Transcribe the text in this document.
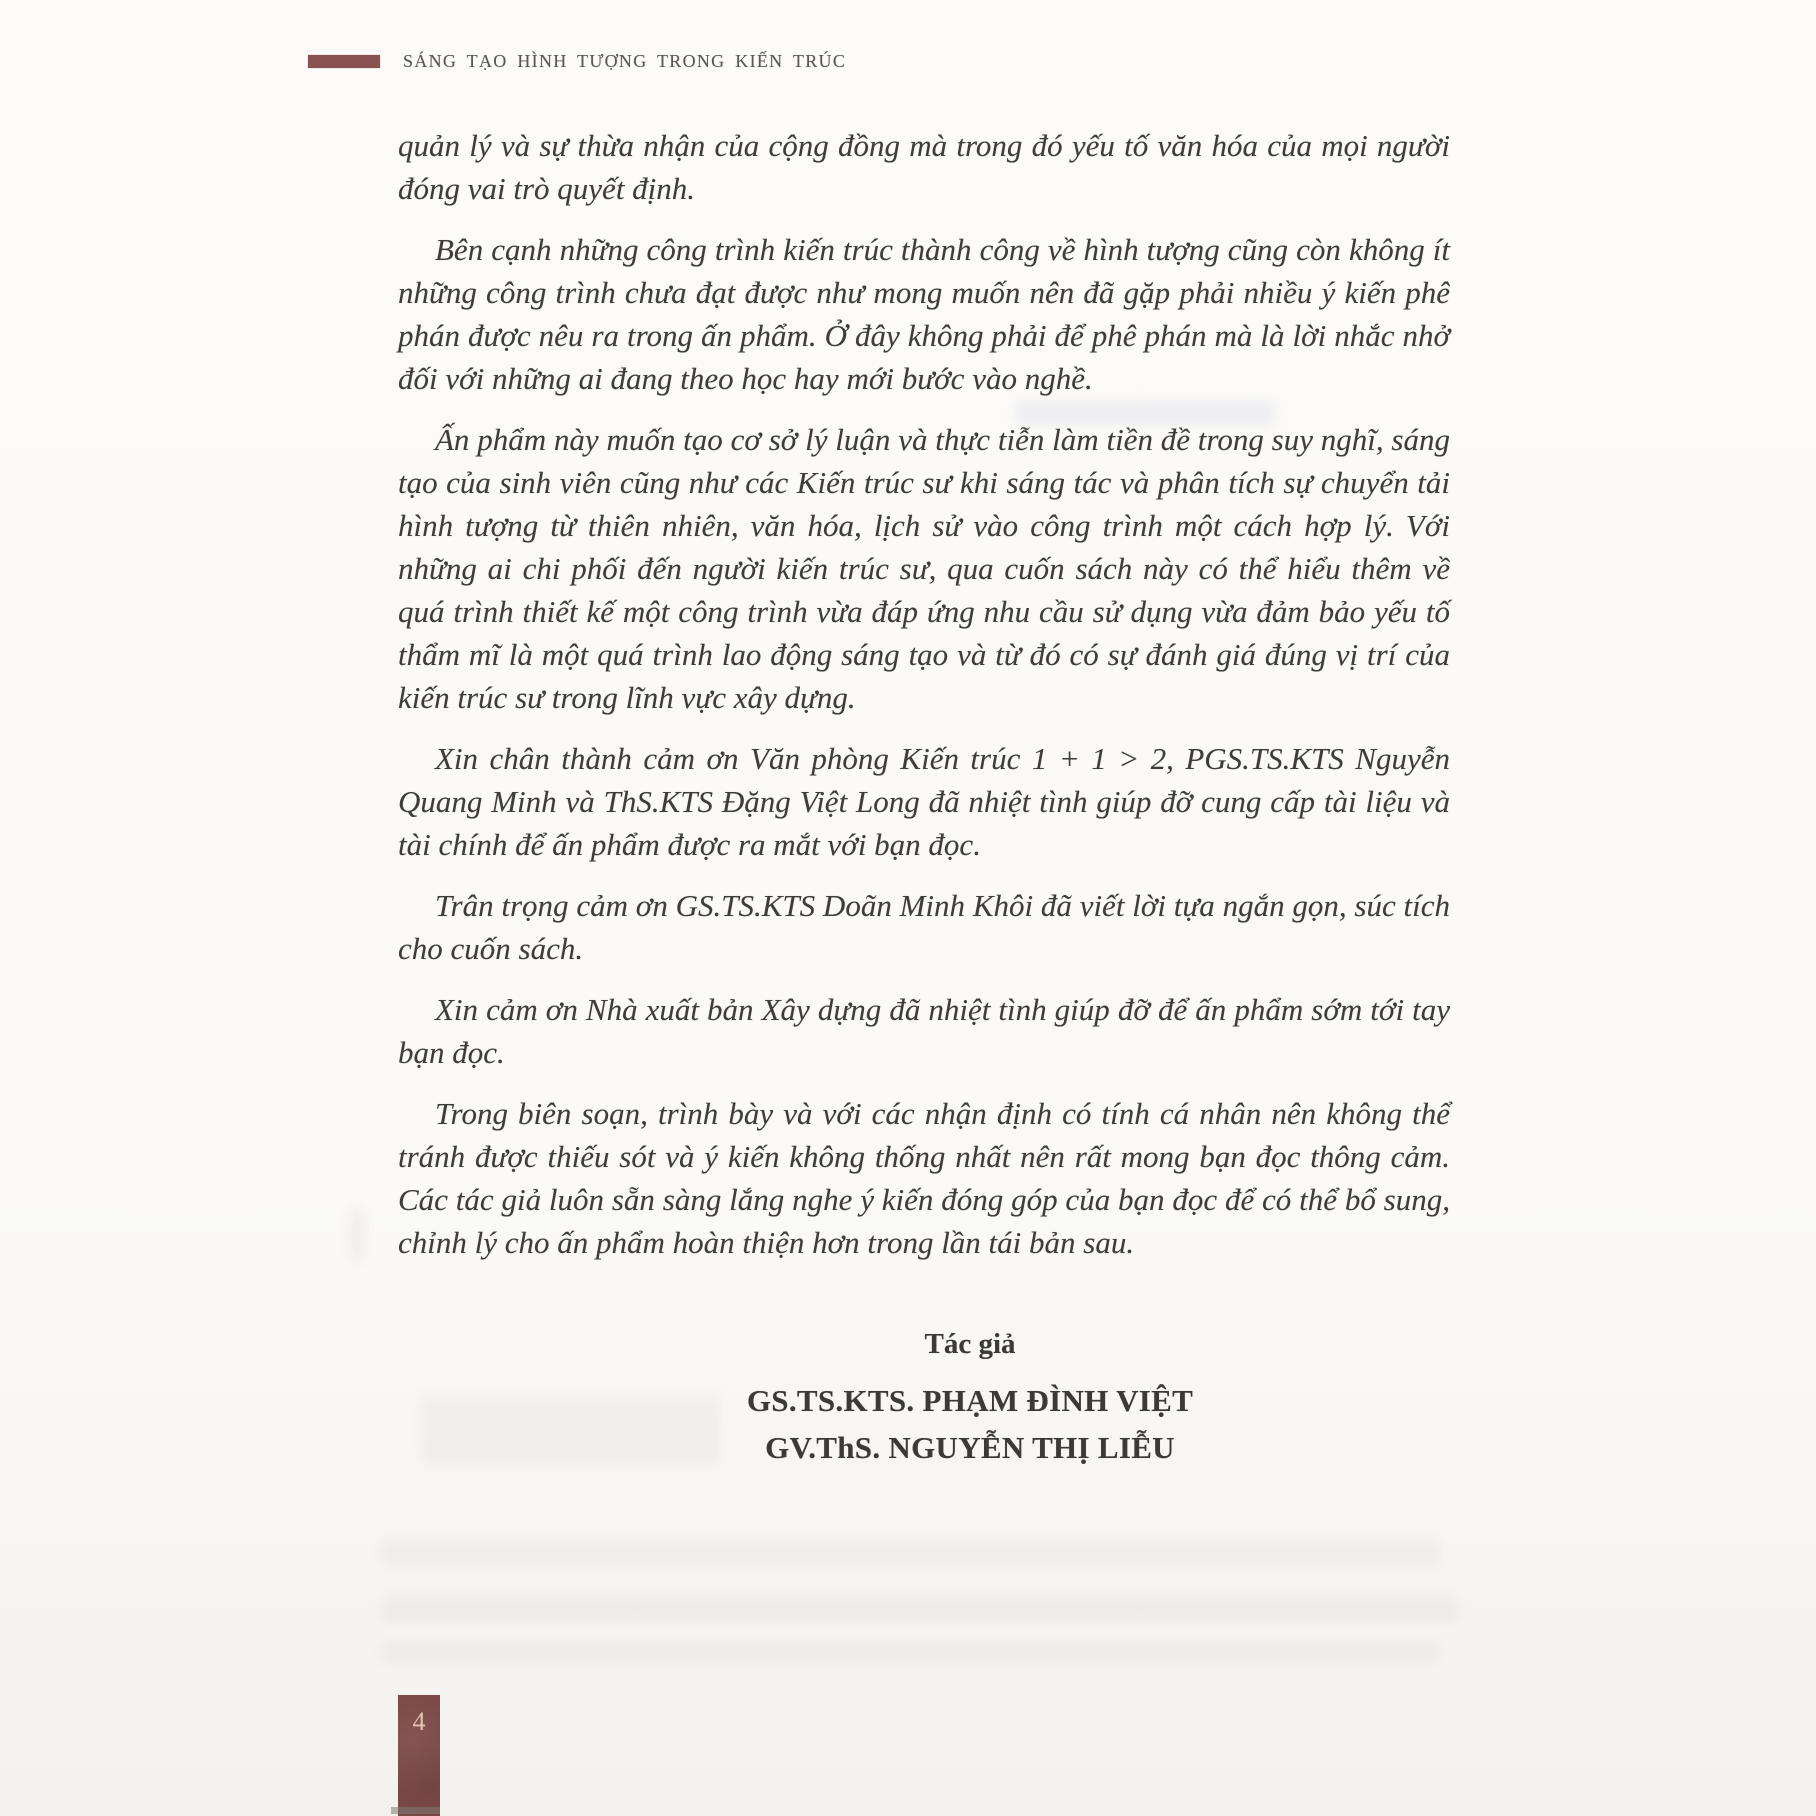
SÁNG TẠO HÌNH TƯỢNG TRONG KIẾN TRÚC

quản lý và sự thừa nhận của cộng đồng mà trong đó yếu tố văn hóa của mọi người đóng vai trò quyết định.

Bên cạnh những công trình kiến trúc thành công về hình tượng cũng còn không ít những công trình chưa đạt được như mong muốn nên đã gặp phải nhiều ý kiến phê phán được nêu ra trong ấn phẩm. Ở đây không phải để phê phán mà là lời nhắc nhở đối với những ai đang theo học hay mới bước vào nghề.

Ấn phẩm này muốn tạo cơ sở lý luận và thực tiễn làm tiền đề trong suy nghĩ, sáng tạo của sinh viên cũng như các Kiến trúc sư khi sáng tác và phân tích sự chuyển tải hình tượng từ thiên nhiên, văn hóa, lịch sử vào công trình một cách hợp lý. Với những ai chi phối đến người kiến trúc sư, qua cuốn sách này có thể hiểu thêm về quá trình thiết kế một công trình vừa đáp ứng nhu cầu sử dụng vừa đảm bảo yếu tố thẩm mĩ là một quá trình lao động sáng tạo và từ đó có sự đánh giá đúng vị trí của kiến trúc sư trong lĩnh vực xây dựng.

Xin chân thành cảm ơn Văn phòng Kiến trúc 1 + 1 > 2, PGS.TS.KTS Nguyễn Quang Minh và ThS.KTS Đặng Việt Long đã nhiệt tình giúp đỡ cung cấp tài liệu và tài chính để ấn phẩm được ra mắt với bạn đọc.

Trân trọng cảm ơn GS.TS.KTS Doãn Minh Khôi đã viết lời tựa ngắn gọn, súc tích cho cuốn sách.

Xin cảm ơn Nhà xuất bản Xây dựng đã nhiệt tình giúp đỡ để ấn phẩm sớm tới tay bạn đọc.

Trong biên soạn, trình bày và với các nhận định có tính cá nhân nên không thể tránh được thiếu sót và ý kiến không thống nhất nên rất mong bạn đọc thông cảm. Các tác giả luôn sẵn sàng lắng nghe ý kiến đóng góp của bạn đọc để có thể bổ sung, chỉnh lý cho ấn phẩm hoàn thiện hơn trong lần tái bản sau.

Tác giả
GS.TS.KTS. PHẠM ĐÌNH VIỆT
GV.ThS. NGUYỄN THỊ LIỄU
4
